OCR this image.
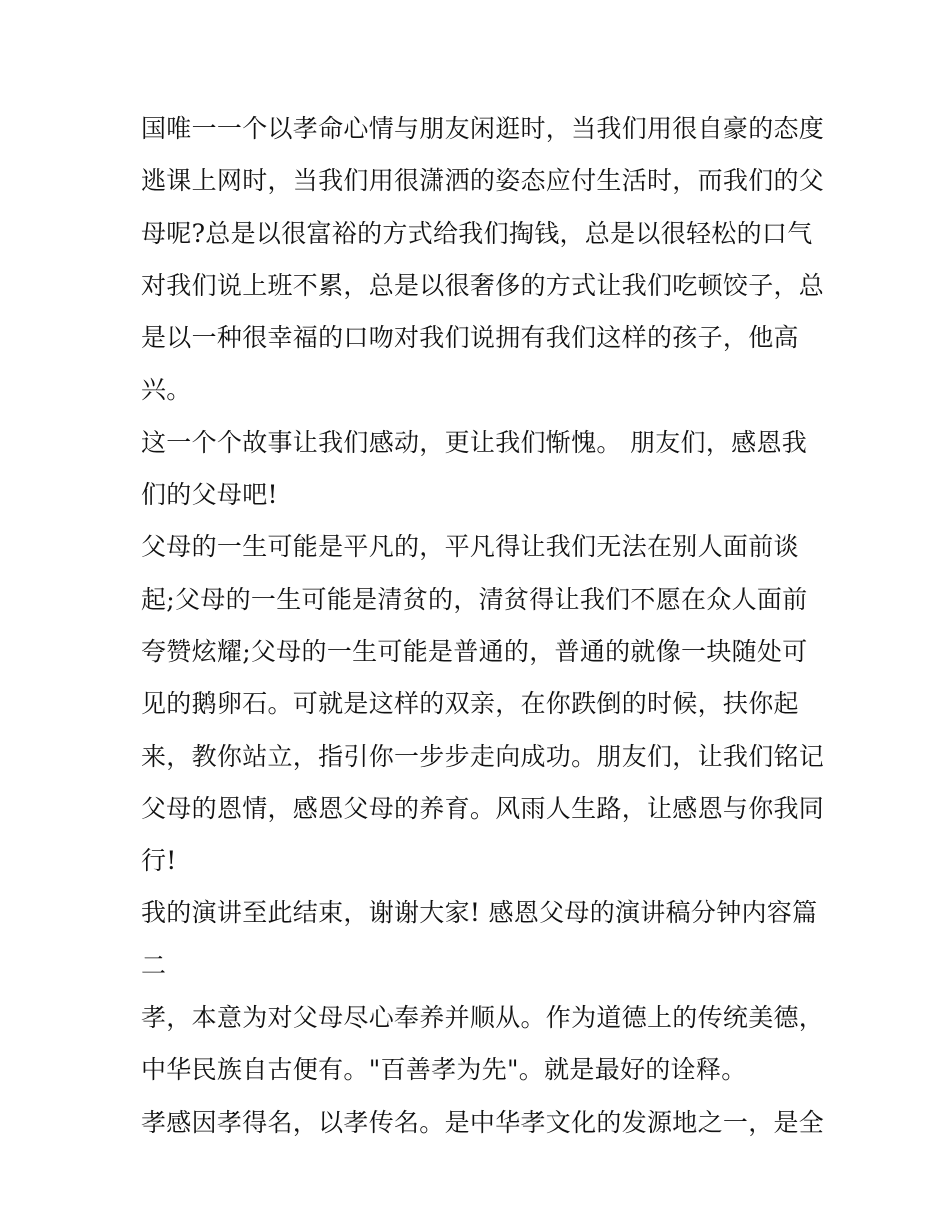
国唯一一个以孝命心情与朋友闲逛时，当我们用很自豪的态度
逃课上网时，当我们用很潇洒的姿态应付生活时，而我们的父
母呢?总是以很富裕的方式给我们掏钱，总是以很轻松的口气
对我们说上班不累，总是以很奢侈的方式让我们吃顿饺子，总
是以一种很幸福的口吻对我们说拥有我们这样的孩子，他高
兴。
这一个个故事让我们感动，更让我们惭愧。 朋友们，感恩我
们的父母吧!
父母的一生可能是平凡的，平凡得让我们无法在别人面前谈
起;父母的一生可能是清贫的，清贫得让我们不愿在众人面前
夸赞炫耀;父母的一生可能是普通的，普通的就像一块随处可
见的鹅卵石。可就是这样的双亲，在你跌倒的时候，扶你起
来，教你站立，指引你一步步走向成功。朋友们，让我们铭记
父母的恩情，感恩父母的养育。风雨人生路，让感恩与你我同
行!
我的演讲至此结束，谢谢大家! 感恩父母的演讲稿分钟内容篇
二
孝，本意为对父母尽心奉养并顺从。作为道德上的传统美德，
中华民族自古便有。"百善孝为先"。就是最好的诠释。
孝感因孝得名，以孝传名。是中华孝文化的发源地之一，是全
